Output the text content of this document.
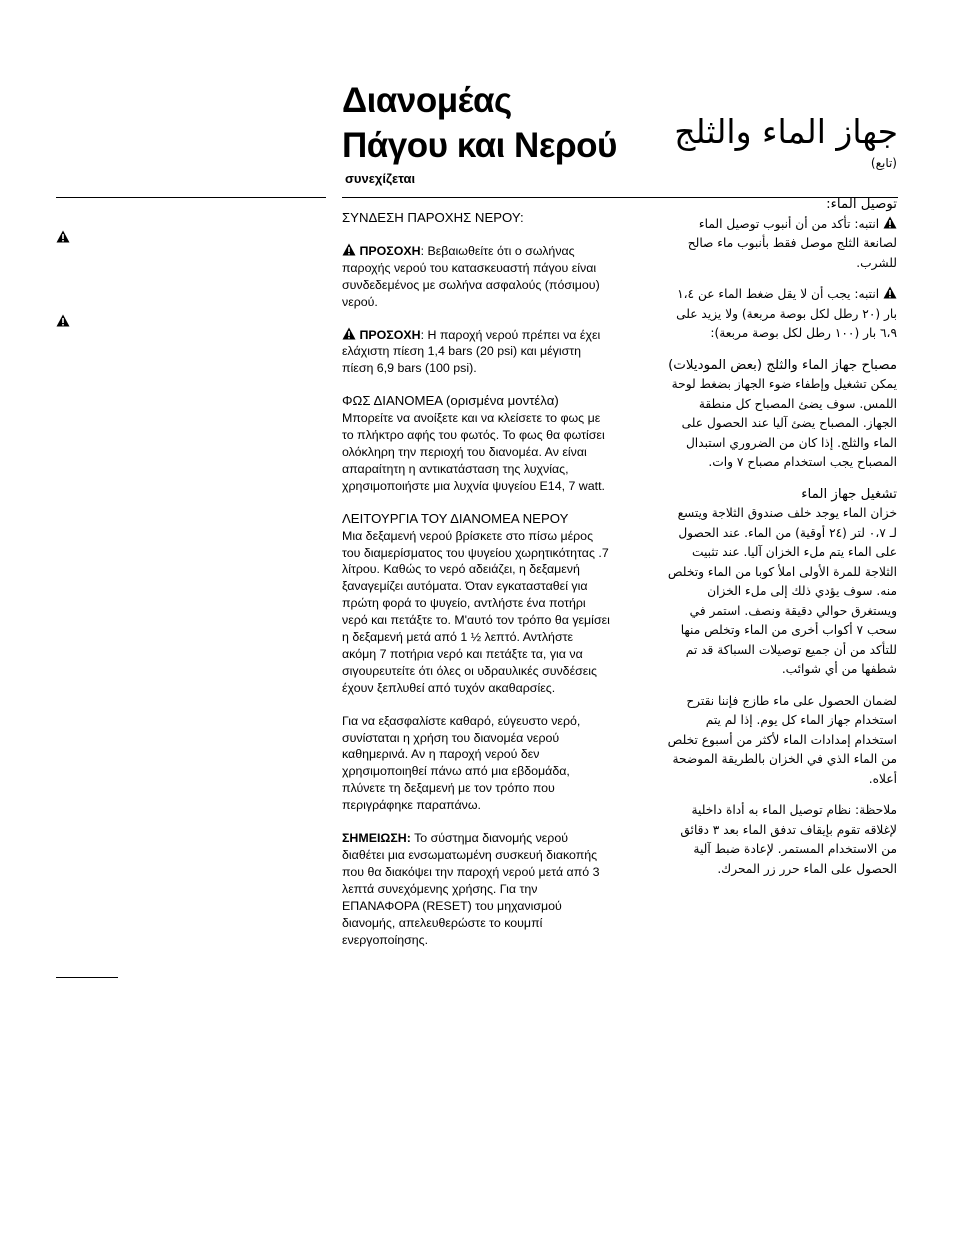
Διανομέας
Πάγου και Νερού
συνεχίζεται
جهاز الماء والثلج
(تابع)

ΣΥΝΔΕΣΗ ΠΑΡΟΧΗΣ ΝΕΡΟΥ:

ΠΡΟΣΟΧΗ: Βεβαιωθείτε ότι ο σωλήνας παροχής νερού του κατασκευαστή πάγου είναι συνδεδεμένος με σωλήνα ασφαλούς (πόσιμου) νερού.

ΠΡΟΣΟΧΗ: Η παροχή νερού πρέπει να έχει ελάχιστη πίεση 1,4 bars (20 psi) και μέγιστη πίεση 6,9 bars (100 psi).

ΦΩΣ ΔΙΑΝΟΜΕΑ (ορισμένα μοντέλα)

Μπορείτε να ανοίξετε και να κλείσετε το φως με το πλήκτρο αφής του φωτός. Το φως θα φωτίσει ολόκληρη την περιοχή του διανομέα. Αν είναι απαραίτητη η αντικατάσταση της λυχνίας, χρησιμοποιήστε μια λυχνία ψυγείου E14, 7 watt.

ΛΕΙΤΟΥΡΓΙΑ ΤΟΥ ΔΙΑΝΟΜΕΑ ΝΕΡΟΥ

Μια δεξαμενή νερού βρίσκετε στο πίσω μέρος του διαμερίσματος του ψυγείου χωρητικότητας .7 λίτρου. Καθώς το νερό αδειάζει, η δεξαμενή ξαναγεμίζει αυτόματα. Όταν εγκατασταθεί για πρώτη φορά το ψυγείο, αντλήστε ένα ποτήρι νερό και πετάξτε το. Μ'αυτό τον τρόπο θα γεμίσει η δεξαμενή μετά από 1 ½ λεπτό. Αντλήστε ακόμη 7 ποτήρια νερό και πετάξτε τα, για να σιγουρευτείτε ότι όλες οι υδραυλικές συνδέσεις έχουν ξεπλυθεί από τυχόν ακαθαρσίες.

Για να εξασφαλίστε καθαρό, εύγευστο νερό, συνίσταται η χρήση του διανομέα νερού καθημερινά. Αν η παροχή νερού δεν χρησιμοποιηθεί πάνω από μια εβδομάδα, πλύνετε τη δεξαμενή με τον τρόπο που περιγράφηκε παραπάνω.

ΣΗΜΕΙΩΣΗ: Το σύστημα διανομής νερού διαθέτει μια ενσωματωμένη συσκευή διακοπής που θα διακόψει την παροχή νερού μετά από 3 λεπτά συνεχόμενης χρήσης. Για την ΕΠΑΝΑΦΟΡΑ (RESET) του μηχανισμού διανομής, απελευθερώστε το κουμπί ενεργοποίησης.

توصيل الماء:

انتبه: تأكد من أن أنبوب توصيل الماء لصانعة الثلج موصل فقط بأنبوب ماء صالح للشرب.

انتبه: يجب أن لا يقل ضغط الماء عن ١،٤ بار (٢٠ رطل لكل بوصة مربعة) ولا يزيد على ٦،٩ بار (١٠٠ رطل لكل بوصة مربعة):

مصباح جهاز الماء والثلج (بعض الموديلات)

يمكن تشغيل وإطفاء ضوء الجهاز بضغط لوحة اللمس. سوف يضئ المصباح كل منطقة الجهاز. المصباح يضئ آليا عند الحصول على الماء والثلج. إذا كان من الضروري استبدال المصباح يجب استخدام مصباح ٧ وات.

تشغيل جهاز الماء

خزان الماء يوجد خلف صندوق الثلاجة ويتسع لـ ٠،٧ لتر (٢٤ أوقية) من الماء. عند الحصول على الماء يتم ملء الخزان آليا. عند تثبيت الثلاجة للمرة الأولى املأ كوبا من الماء وتخلص منه. سوف يؤدي ذلك إلى ملء الخزان ويستغرق حوالي دقيقة ونصف. استمر في سحب ٧ أكواب أخرى من الماء وتخلص منها للتأكد من أن جميع توصيلات السباكة قد تم شطفها من أي شوائب.

لضمان الحصول على ماء طازج فإننا نقترح استخدام جهاز الماء كل يوم. إذا لم يتم استخدام إمدادات الماء لأكثر من أسبوع تخلص من الماء الذي في الخزان بالطريقة الموضحة أعلاه.

ملاحظة: نظام توصيل الماء به أداة داخلية لإغلاقه تقوم بإيقاف تدفق الماء بعد ٣ دقائق من الاستخدام المستمر. لإعادة ضبط آلية الحصول على الماء حرر زر المحرك.
